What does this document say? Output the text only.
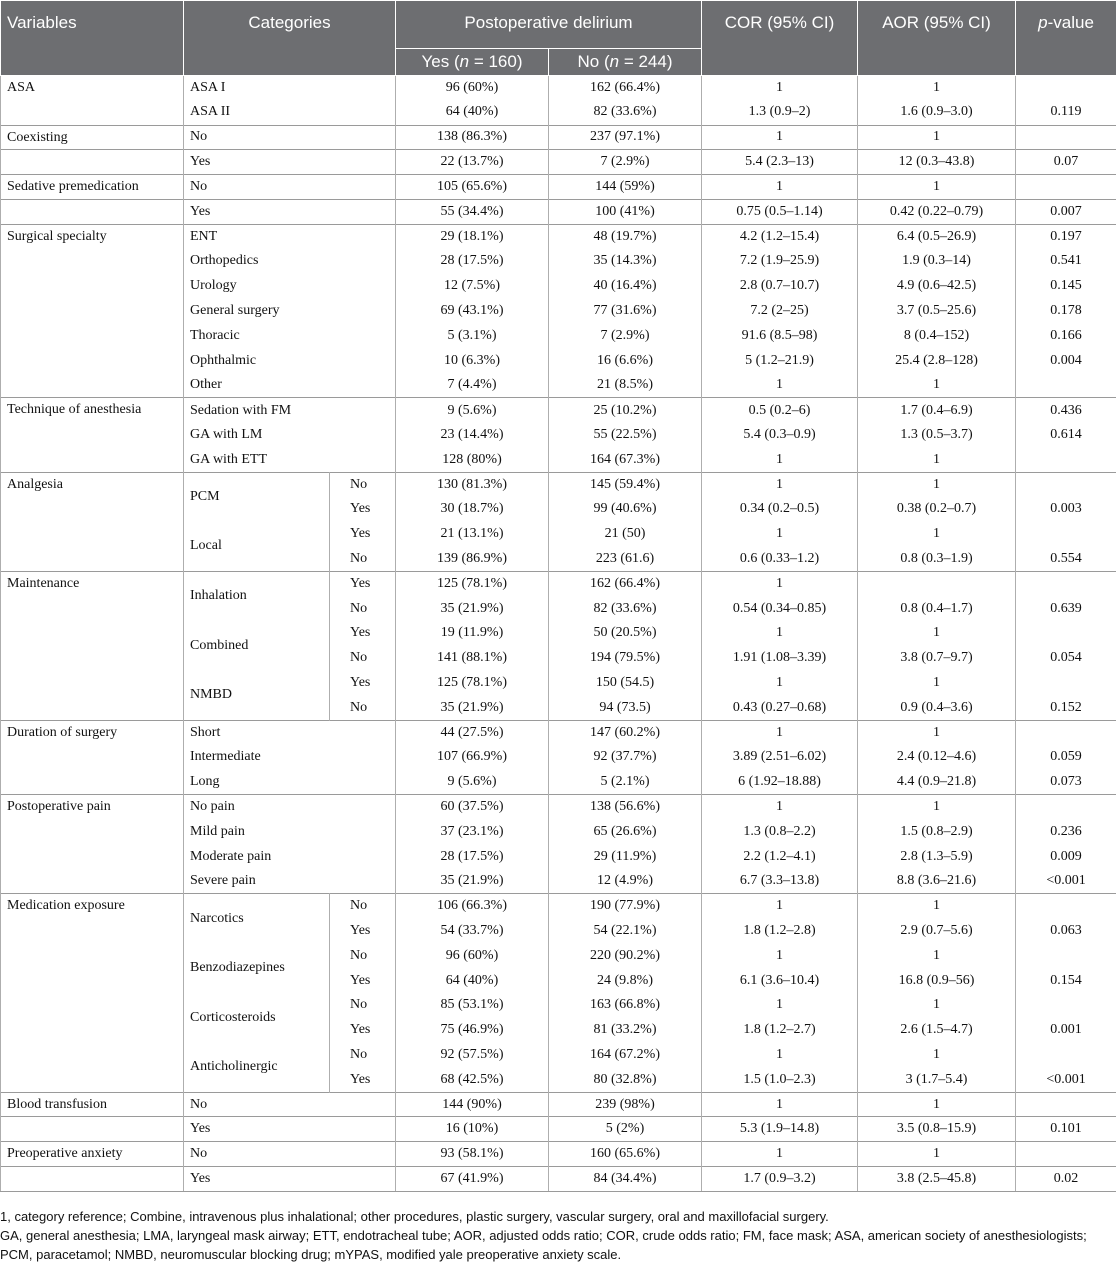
Variables	Categories		Postoperative delirium		COR (95% CI)	AOR (95% CI)	p-value
			Yes (n = 160)	No (n = 244)			
ASA	ASA I		96 (60%)	162 (66.4%)	1	1	
	ASA II		64 (40%)	82 (33.6%)	1.3 (0.9–2)	1.6 (0.9–3.0)	0.119
Coexisting	No		138 (86.3%)	237 (97.1%)	1	1	
	Yes		22 (13.7%)	7 (2.9%)	5.4 (2.3–13)	12 (0.3–43.8)	0.07
Sedative premedication	No		105 (65.6%)	144 (59%)	1	1	
	Yes		55 (34.4%)	100 (41%)	0.75 (0.5–1.14)	0.42 (0.22–0.79)	0.007
Surgical specialty	ENT		29 (18.1%)	48 (19.7%)	4.2 (1.2–15.4)	6.4 (0.5–26.9)	0.197
	Orthopedics		28 (17.5%)	35 (14.3%)	7.2 (1.9–25.9)	1.9 (0.3–14)	0.541
	Urology		12 (7.5%)	40 (16.4%)	2.8 (0.7–10.7)	4.9 (0.6–42.5)	0.145
	General surgery		69 (43.1%)	77 (31.6%)	7.2 (2–25)	3.7 (0.5–25.6)	0.178
	Thoracic		5 (3.1%)	7 (2.9%)	91.6 (8.5–98)	8 (0.4–152)	0.166
	Ophthalmic		10 (6.3%)	16 (6.6%)	5 (1.2–21.9)	25.4 (2.8–128)	0.004
	Other		7 (4.4%)	21 (8.5%)	1	1	
Technique of anesthesia	Sedation with FM		9 (5.6%)	25 (10.2%)	0.5 (0.2–6)	1.7 (0.4–6.9)	0.436
	GA with LM		23 (14.4%)	55 (22.5%)	5.4 (0.3–0.9)	1.3 (0.5–3.7)	0.614
	GA with ETT		128 (80%)	164 (67.3%)	1	1	
Analgesia	PCM	No	130 (81.3%)	145 (59.4%)	1	1	
		Yes	30 (18.7%)	99 (40.6%)	0.34 (0.2–0.5)	0.38 (0.2–0.7)	0.003
	Local	Yes	21 (13.1%)	21 (50)	1	1	
		No	139 (86.9%)	223 (61.6)	0.6 (0.33–1.2)	0.8 (0.3–1.9)	0.554
Maintenance	Inhalation	Yes	125 (78.1%)	162 (66.4%)	1		
		No	35 (21.9%)	82 (33.6%)	0.54 (0.34–0.85)	0.8 (0.4–1.7)	0.639
	Combined	Yes	19 (11.9%)	50 (20.5%)	1	1	
		No	141 (88.1%)	194 (79.5%)	1.91 (1.08–3.39)	3.8 (0.7–9.7)	0.054
	NMBD	Yes	125 (78.1%)	150 (54.5)	1	1	
		No	35 (21.9%)	94 (73.5)	0.43 (0.27–0.68)	0.9 (0.4–3.6)	0.152
Duration of surgery	Short		44 (27.5%)	147 (60.2%)	1	1	
	Intermediate		107 (66.9%)	92 (37.7%)	3.89 (2.51–6.02)	2.4 (0.12–4.6)	0.059
	Long		9 (5.6%)	5 (2.1%)	6 (1.92–18.88)	4.4 (0.9–21.8)	0.073
Postoperative pain	No pain		60 (37.5%)	138 (56.6%)	1	1	
	Mild pain		37 (23.1%)	65 (26.6%)	1.3 (0.8–2.2)	1.5 (0.8–2.9)	0.236
	Moderate pain		28 (17.5%)	29 (11.9%)	2.2 (1.2–4.1)	2.8 (1.3–5.9)	0.009
	Severe pain		35 (21.9%)	12 (4.9%)	6.7 (3.3–13.8)	8.8 (3.6–21.6)	<0.001
Medication exposure	Narcotics	No	106 (66.3%)	190 (77.9%)	1	1	
		Yes	54 (33.7%)	54 (22.1%)	1.8 (1.2–2.8)	2.9 (0.7–5.6)	0.063
	Benzodiazepines	No	96 (60%)	220 (90.2%)	1	1	
		Yes	64 (40%)	24 (9.8%)	6.1 (3.6–10.4)	16.8 (0.9–56)	0.154
	Corticosteroids	No	85 (53.1%)	163 (66.8%)	1	1	
		Yes	75 (46.9%)	81 (33.2%)	1.8 (1.2–2.7)	2.6 (1.5–4.7)	0.001
	Anticholinergic	No	92 (57.5%)	164 (67.2%)	1	1	
		Yes	68 (42.5%)	80 (32.8%)	1.5 (1.0–2.3)	3 (1.7–5.4)	<0.001
Blood transfusion	No		144 (90%)	239 (98%)	1	1	
	Yes		16 (10%)	5 (2%)	5.3 (1.9–14.8)	3.5 (0.8–15.9)	0.101
Preoperative anxiety	No		93 (58.1%)	160 (65.6%)	1	1	
	Yes		67 (41.9%)	84 (34.4%)	1.7 (0.9–3.2)	3.8 (2.5–45.8)	0.02

1, category reference; Combine, intravenous plus inhalational; other procedures, plastic surgery, vascular surgery, oral and maxillofacial surgery.

GA, general anesthesia; LMA, laryngeal mask airway; ETT, endotracheal tube; AOR, adjusted odds ratio; COR, crude odds ratio; FM, face mask; ASA, american society of anesthesiologists; PCM, paracetamol; NMBD, neuromuscular blocking drug; mYPAS, modified yale preoperative anxiety scale.
